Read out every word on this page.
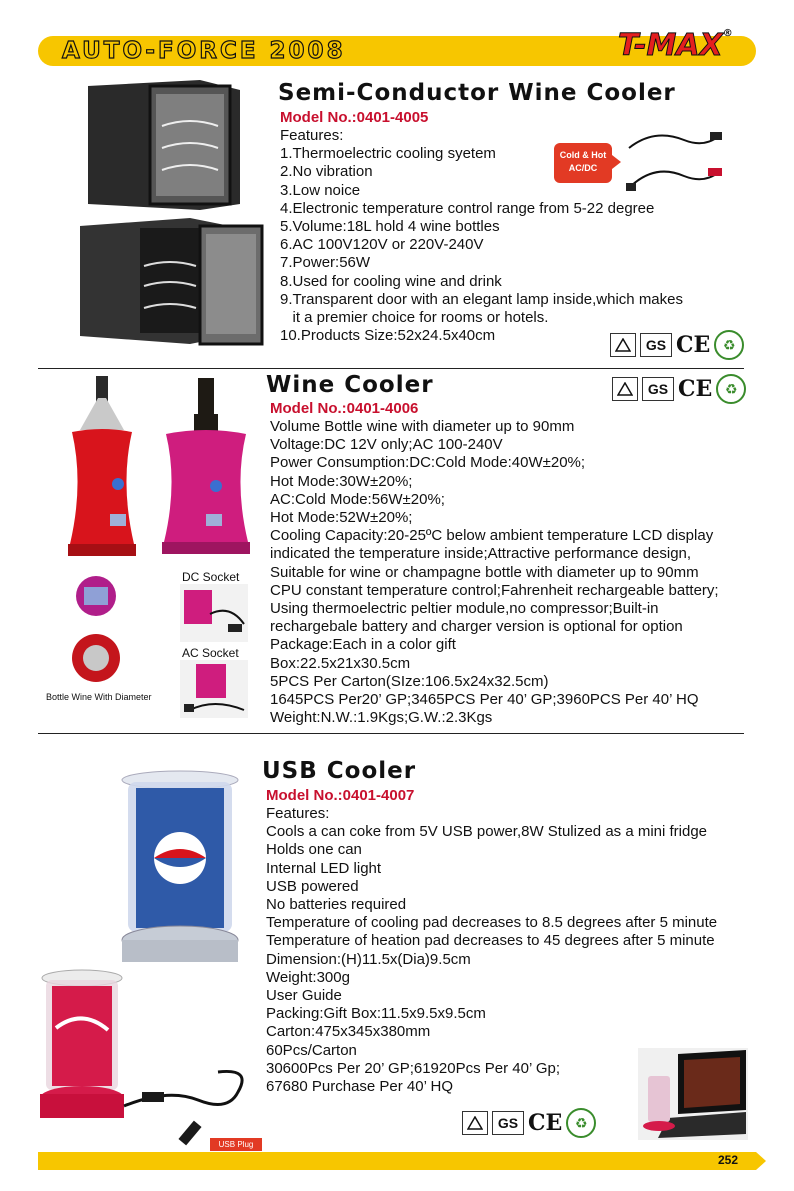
AUTO-FORCE 2008	T-MAX®
Semi-Conductor Wine Cooler
Model No.:0401-4005
Features:
1.Thermoelectric cooling syetem
2.No vibration
3.Low noice
4.Electronic temperature control range from 5-22 degree
5.Volume:18L hold 4 wine bottles
6.AC 100V120V or 220V-240V
7.Power:56W
8.Used for cooling wine and drink
9.Transparent door with an elegant lamp inside,which makes
it a premier choice for rooms or hotels.
10.Products Size:52x24.5x40cm
Cold & Hot
AC/DC
GS CE ♻
Bottle Wine With Diameter
DC Socket
AC Socket
Wine Cooler	GS CE ♻
Model No.:0401-4006
Volume Bottle wine with diameter up to 90mm
Voltage:DC 12V only;AC 100-240V
Power Consumption:DC:Cold Mode:40W±20%;
Hot Mode:30W±20%;
AC:Cold Mode:56W±20%;
Hot Mode:52W±20%;
Cooling Capacity:20-25ºC below ambient temperature LCD display
indicated the temperature inside;Attractive performance design,
Suitable for wine or champagne bottle with diameter up to 90mm
CPU constant temperature control;Fahrenheit rechargeable battery;
Using thermoelectric peltier module,no compressor;Built-in
rechargebale battery and charger version is optional for option
Package:Each in a color gift
Box:22.5x21x30.5cm
5PCS Per Carton(SIze:106.5x24x32.5cm)
1645PCS Per20’ GP;3465PCS Per 40’ GP;3960PCS Per 40’ HQ
Weight:N.W.:1.9Kgs;G.W.:2.3Kgs
USB Plug
USB Cooler
Model No.:0401-4007
Features:
Cools a can coke from 5V USB power,8W Stulized as a mini fridge
Holds one can
Internal LED light
USB powered
No batteries required
Temperature of cooling pad decreases to 8.5 degrees after 5 minute
Temperature of heation pad decreases to 45 degrees after 5 minute
Dimension:(H)11.5x(Dia)9.5cm
Weight:300g
User Guide
Packing:Gift Box:11.5x9.5x9.5cm
Carton:475x345x380mm
60Pcs/Carton
30600Pcs Per 20’ GP;61920Pcs Per 40’ Gp;
67680 Purchase Per 40’ HQ
GS CE ♻
252
